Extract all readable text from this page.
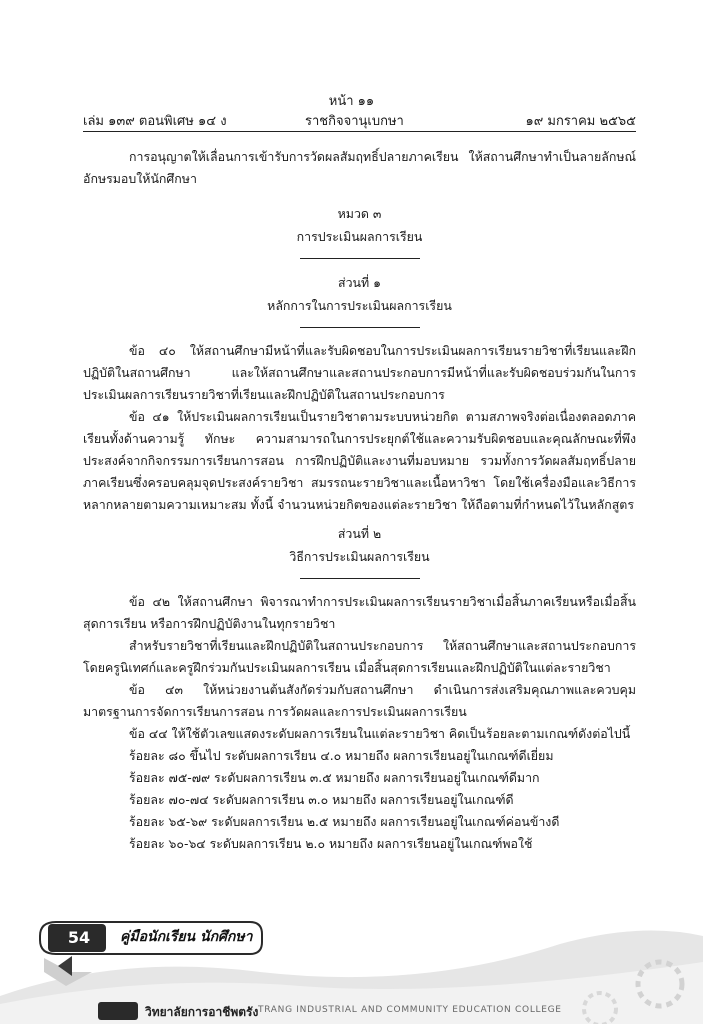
หน้า ๑๑
เล่ม ๑๓๙ ตอนพิเศษ ๑๔ ง	ราชกิจจานุเบกษา	๑๙ มกราคม ๒๕๖๕

การอนุญาตให้เลื่อนการเข้ารับการวัดผลสัมฤทธิ์ปลายภาคเรียน ให้สถานศึกษาทำเป็นลายลักษณ์อักษรมอบให้นักศึกษา

หมวด ๓

การประเมินผลการเรียน

ส่วนที่ ๑

หลักการในการประเมินผลการเรียน

ข้อ ๔๐ ให้สถานศึกษามีหน้าที่และรับผิดชอบในการประเมินผลการเรียนรายวิชาที่เรียนและฝึกปฏิบัติในสถานศึกษา และให้สถานศึกษาและสถานประกอบการมีหน้าที่และรับผิดชอบร่วมกันในการประเมินผลการเรียนรายวิชาที่เรียนและฝึกปฏิบัติในสถานประกอบการ

ข้อ ๔๑ ให้ประเมินผลการเรียนเป็นรายวิชาตามระบบหน่วยกิต ตามสภาพจริงต่อเนื่องตลอดภาคเรียนทั้งด้านความรู้ ทักษะ ความสามารถในการประยุกต์ใช้และความรับผิดชอบและคุณลักษณะที่พึงประสงค์จากกิจกรรมการเรียนการสอน การฝึกปฏิบัติและงานที่มอบหมาย รวมทั้งการวัดผลสัมฤทธิ์ปลายภาคเรียนซึ่งครอบคลุมจุดประสงค์รายวิชา สมรรถนะรายวิชาและเนื้อหาวิชา โดยใช้เครื่องมือและวิธีการหลากหลายตามความเหมาะสม ทั้งนี้ จำนวนหน่วยกิตของแต่ละรายวิชา ให้ถือตามที่กำหนดไว้ในหลักสูตร

ส่วนที่ ๒

วิธีการประเมินผลการเรียน

ข้อ ๔๒ ให้สถานศึกษา พิจารณาทำการประเมินผลการเรียนรายวิชาเมื่อสิ้นภาคเรียนหรือเมื่อสิ้นสุดการเรียน หรือการฝึกปฏิบัติงานในทุกรายวิชา

สำหรับรายวิชาที่เรียนและฝึกปฏิบัติในสถานประกอบการ ให้สถานศึกษาและสถานประกอบการโดยครูนิเทศก์และครูฝึกร่วมกันประเมินผลการเรียน เมื่อสิ้นสุดการเรียนและฝึกปฏิบัติในแต่ละรายวิชา

ข้อ ๔๓ ให้หน่วยงานต้นสังกัดร่วมกับสถานศึกษา ดำเนินการส่งเสริมคุณภาพและควบคุมมาตรฐานการจัดการเรียนการสอน การวัดผลและการประเมินผลการเรียน

ข้อ ๔๔ ให้ใช้ตัวเลขแสดงระดับผลการเรียนในแต่ละรายวิชา คิดเป็นร้อยละตามเกณฑ์ดังต่อไปนี้

ร้อยละ ๘๐ ขึ้นไป ระดับผลการเรียน ๔.๐ หมายถึง ผลการเรียนอยู่ในเกณฑ์ดีเยี่ยม

ร้อยละ ๗๕-๗๙ ระดับผลการเรียน ๓.๕ หมายถึง ผลการเรียนอยู่ในเกณฑ์ดีมาก

ร้อยละ ๗๐-๗๔ ระดับผลการเรียน ๓.๐ หมายถึง ผลการเรียนอยู่ในเกณฑ์ดี

ร้อยละ ๖๕-๖๙ ระดับผลการเรียน ๒.๕ หมายถึง ผลการเรียนอยู่ในเกณฑ์ค่อนข้างดี

ร้อยละ ๖๐-๖๔ ระดับผลการเรียน ๒.๐ หมายถึง ผลการเรียนอยู่ในเกณฑ์พอใช้

54	คู่มือนักเรียน นักศึกษา
วิทยาลัยการอาชีพตรัง TRANG INDUSTRIAL AND COMMUNITY EDUCATION COLLEGE
